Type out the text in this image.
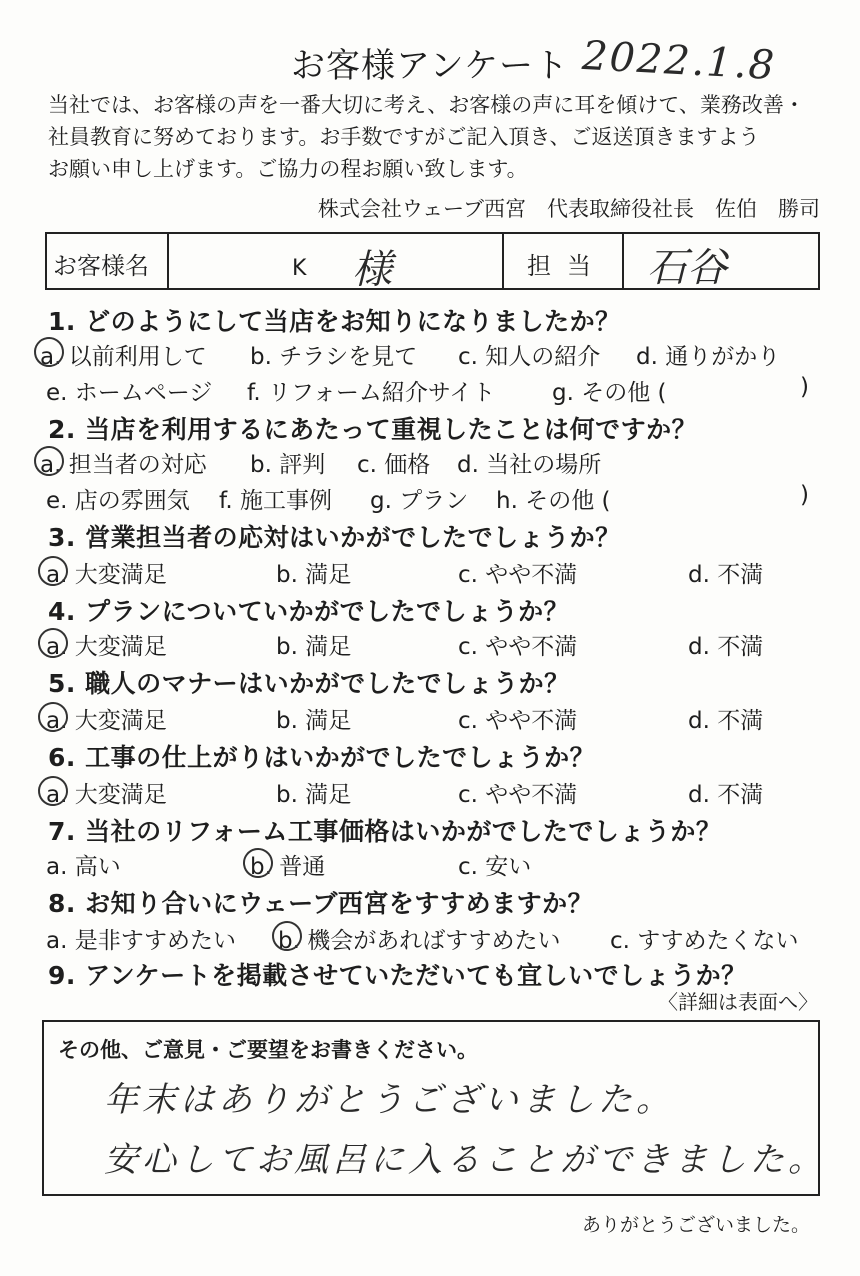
お客様アンケート 2022.1.8
当社では、お客様の声を一番大切に考え、お客様の声に耳を傾けて、業務改善・
社員教育に努めております。お手数ですがご記入頂き、ご返送頂きますよう
お願い申し上げます。ご協力の程お願い致します。
株式会社ウェーブ西宮　代表取締役社長　佐伯　勝司
お客様名	K 様	担当 石谷
1. どのようにして当店をお知りになりましたか？
a. 以前利用して b. チラシを見て c. 知人の紹介 d. 通りがかり
e. ホームページ f. リフォーム紹介サイト g. その他 (	)
2. 当店を利用するにあたって重視したことは何ですか？
a. 担当者の対応 b. 評判 c. 価格 d. 当社の場所
e. 店の雰囲気 f. 施工事例 g. プラン h. その他 (	)
3. 営業担当者の応対はいかがでしたでしょうか？
a. 大変満足	b. 満足	c. やや不満	d. 不満
4. プランについていかがでしたでしょうか？
a. 大変満足	b. 満足	c. やや不満	d. 不満
5. 職人のマナーはいかがでしたでしょうか？
a. 大変満足	b. 満足	c. やや不満	d. 不満
6. 工事の仕上がりはいかがでしたでしょうか？
a. 大変満足	b. 満足	c. やや不満	d. 不満
7. 当社のリフォーム工事価格はいかがでしたでしょうか？
a. 高い	b. 普通	c. 安い
8. お知り合いにウェーブ西宮をすすめますか？
a. 是非すすめたい b. 機会があればすすめたい c. すすめたくない
9. アンケートを掲載させていただいても宜しいでしょうか？
〈詳細は表面へ〉
その他、ご意見・ご要望をお書きください。
年末はありがとうございました。
安心してお風呂に入ることができました。
ありがとうございました。
